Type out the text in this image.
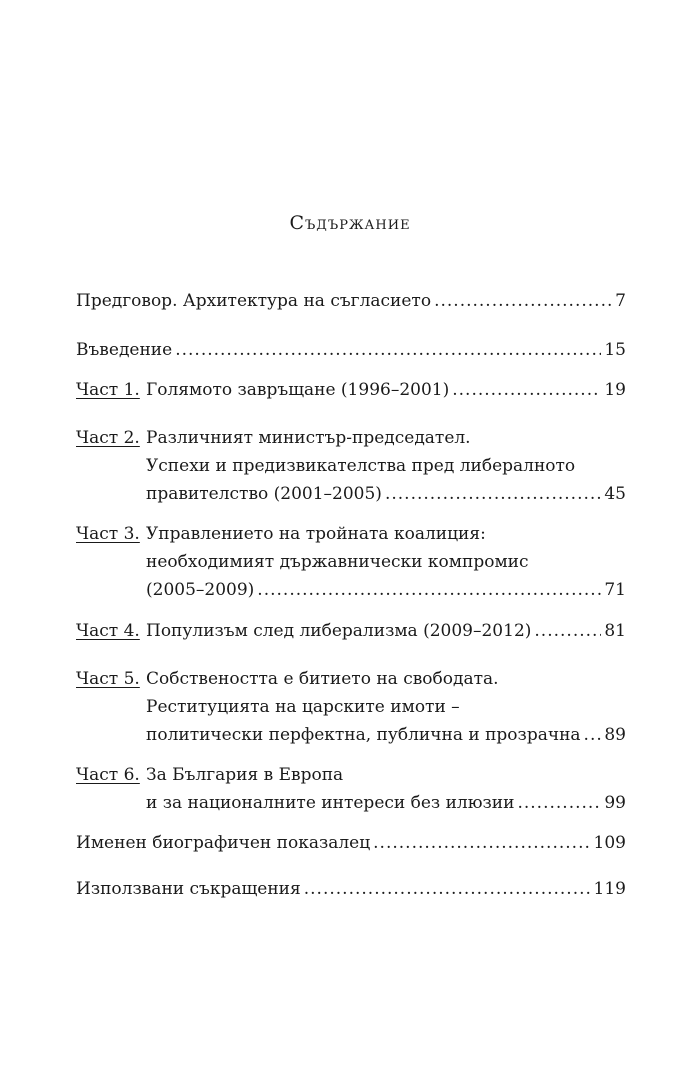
Съдържание
Предговор. Архитектура на съгласието .....	7
Въведение .....	15
Част 1. Голямото завръщане (1996–2001) .....	19
Част 2. Различният министър-председател.
Успехи и предизвикателства пред либералното
правителство (2001–2005) .....	45
Част 3. Управлението на тройната коалиция:
необходимият държавнически компромис
(2005–2009) .....	71
Част 4. Популизъм след либерализма (2009–2012) .....	81
Част 5. Собствеността е битието на свободата.
Реституцията на царските имоти –
политически перфектна, публична и прозрачна ..... 89
Част 6. За България в Европа
и за националните интереси без илюзии .....	99
Именен биографичен показалец .....	109
Използвани съкращения .....	119
